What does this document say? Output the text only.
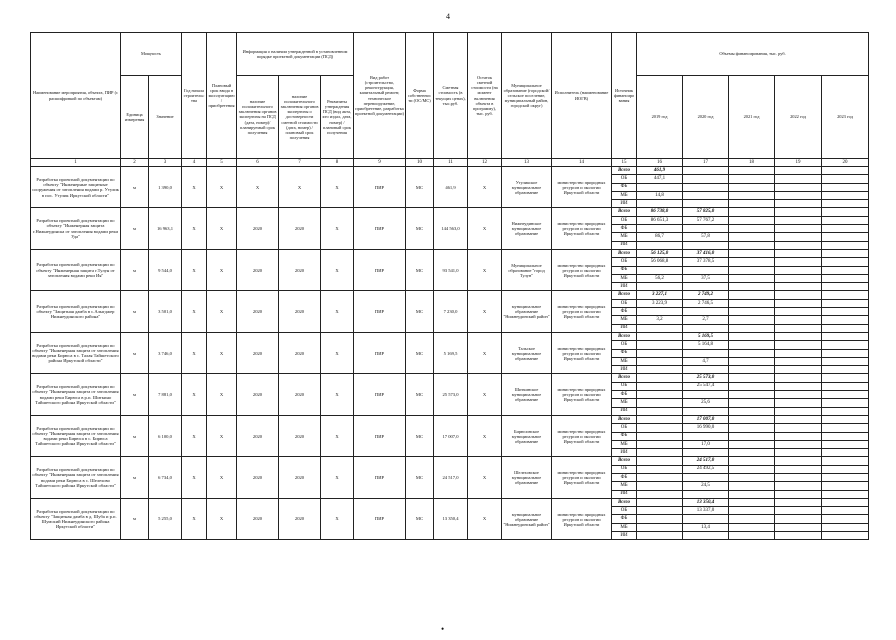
4
Наименование мероприятия, объекта, ПИР (с расшифровкой по объектам)	Мощность		Год начала строительства	Плановый срок ввода в эксплуатацию/приобретения	Информация о наличии утвержденной в установленном порядке проектной документации (ПСД)			Вид работ (строительство, реконструкция, капитальный ремонт, техническое перевооружение, приобретение, разработка проектной документации)	Форма собственности (ОС/МС)	Сметная стоимость (в текущих ценах), тыс.руб.	Остаток сметной стоимости (на момент включения объекта в программу), тыс. руб.	Муниципальное образование (городской/сельское поселение, муниципальный район, городской округ)	Исполнитель (наименование ИОГВ)	Источник финансирования	Объемы финансирования, тыс. руб.				
	Единица измерения	Значение			наличие положительного заключения органов экспертизы на ПСД (дата, номер)/планируемый срок получения	наличие положительного заключения органов экспертизы о достоверности сметной стоимости (дата, номер) / плановый срок получения	Реквизиты утверждения ПСД (вид акта, кто издал, дата, номер) / плановый срок получения								2019 год	2020 год	2021 год	2022 год	2023 год
1	2	3	4	5	6	7	8	9	10	11	12	13	14	15	16	17	18	19	20
Разработка проектной документации по объекту "Инженерные защитные сооружения от затопления водами р. Утулик в пос. Утулик Иркутской области"	м	1 390,0	X	X	X	X	X	ПИР	МС	461,9	X	Утуликское муниципальное образование	министерство природных ресурсов и экологии Иркутской области	Всего	461,9				
														ОБ	447,1				
														ФБ					
														МБ	14,8				
														ИИ					
Разработка проектной документации по объекту "Инженерная защита г.Нижнеудинска от затопления водами реки Уда"	м	16 963,1	X	X	2020	2020	X	ПИР	МС	144 563,0	X	Нижнеудинское муниципальное образование	министерство природных ресурсов и экологии Иркутской области	Всего	86 738,0	57 825,0			
														ОБ	86 651,3	57 767,2			
														ФБ					
														МБ	86,7	57,8			
														ИИ					
Разработка проектной документации по объекту "Инженерная защита г.Тулун от затопления водами реки Ия"	м	9 544,0	X	X	2020	2020	X	ПИР	МС	93 541,0	X	Муниципальное образование "город Тулун"	министерство природных ресурсов и экологии Иркутской области	Всего	56 125,0	37 416,0			
														ОБ	56 068,8	37 378,5			
														ФБ					
														МБ	56,2	37,5			
														ИИ					
Разработка проектной документации по объекту "Защитная дамба в с.Алыгджер Нижнеудинского района"	м	3 501,0	X	X	2020	2020	X	ПИР	МС	7 230,0	X	муниципальное образование "Нижнеудинский район"	министерство природных ресурсов и экологии Иркутской области	Всего	3 227,1	2 749,2			
														ОБ	3 223,9	2 746,5			
														ФБ					
														МБ	3,2	2,7			
														ИИ					
Разработка проектной документации по объекту "Инженерная защита от затопления водами реки Бирюса в с. Талая Тайшетского района Иркутской области"	м	3 746,0	X	X	2020	2020	X	ПИР	МС	5 169,5	X	Тальское муниципальное образование	министерство природных ресурсов и экологии Иркутской области	Всего		5 169,5			
														ОБ		5 164,8			
														ФБ					
														МБ		4,7			
														ИИ					
Разработка проектной документации по объекту "Инженерная защита от затопления водами реки Бирюса в р.п. Шиткино Тайшетского района Иркутской области"	м	7 881,0	X	X	2020	2020	X	ПИР	МС	25 573,0	X	Шиткинское муниципальное образование	министерство природных ресурсов и экологии Иркутской области	Всего		25 573,0			
														ОБ		25 547,4			
														ФБ					
														МБ		25,6			
														ИИ					
Разработка проектной документации по объекту "Инженерная защита от затопления водами реки Бирюса в с. Бирюса Тайшетского района Иркутской области"	м	6 100,0	X	X	2020	2020	X	ПИР	МС	17 007,0	X	Бирюсинское муниципальное образование	министерство природных ресурсов и экологии Иркутской области	Всего		17 007,0			
														ОБ		16 990,0			
														ФБ					
														МБ		17,0			
														ИИ					
Разработка проектной документации по объекту "Инженерная защита от затопления водами реки Бирюса в с. Шелехово Тайшетского района Иркутской области"	м	6 734,0	X	X	2020	2020	X	ПИР	МС	24 517,0	X	Шелеховское муниципальное образование	министерство природных ресурсов и экологии Иркутской области	Всего		24 517,0			
														ОБ		24 492,5			
														ФБ					
														МБ		24,5			
														ИИ					
Разработка проектной документации по объекту "Защитная дамба в д. Шуба и р.п. Шумский Нижнеудинского района Иркутской области"	м	5 255,0	X	X	2020	2020	X	ПИР	МС	13 350,4	X	муниципальное образование "Нижнеудинский район"	министерство природных ресурсов и экологии Иркутской области	Всего		13 350,4			
														ОБ		13 337,0			
														ФБ					
														МБ		13,4			
														ИИ					
•
